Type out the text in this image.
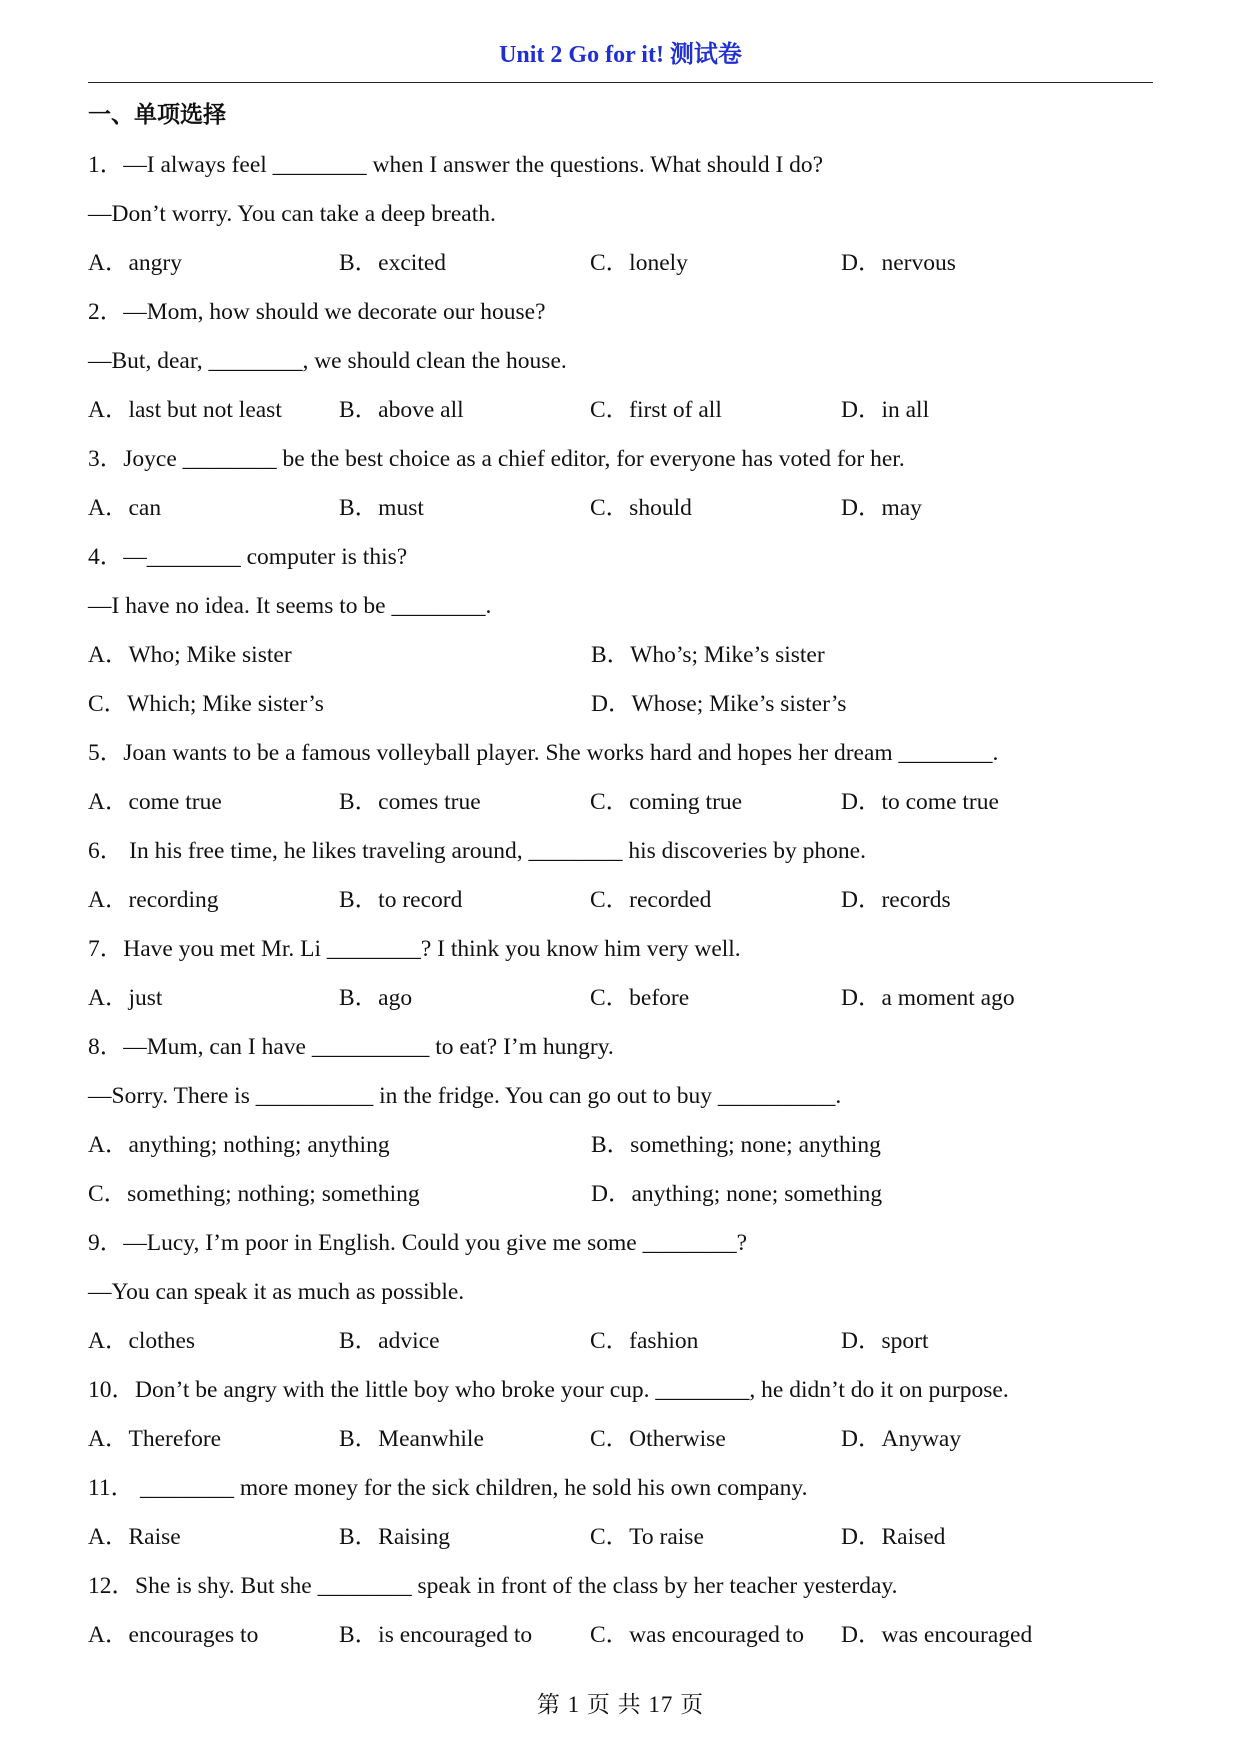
Unit 2 Go for it! 测试卷
一、单项选择
1．—I always feel ________ when I answer the questions. What should I do?
—Don’t worry. You can take a deep breath.
A．angry	B．excited	C．lonely	D．nervous
2．—Mom, how should we decorate our house?
—But, dear, ________, we should clean the house.
A．last but not least	B．above all	C．first of all	D．in all
3．Joyce ________ be the best choice as a chief editor, for everyone has voted for her.
A．can	B．must	C．should	D．may
4．—________ computer is this?
—I have no idea. It seems to be ________.
A．Who; Mike sister	B．Who’s; Mike’s sister
C．Which; Mike sister’s	D．Whose; Mike’s sister’s
5．Joan wants to be a famous volleyball player. She works hard and hopes her dream ________.
A．come true	B．comes true	C．coming true	D．to come true
6． In his free time, he likes traveling around, ________ his discoveries by phone.
A．recording	B．to record	C．recorded	D．records
7．Have you met Mr. Li ________? I think you know him very well.
A．just	B．ago	C．before	D．a moment ago
8．—Mum, can I have __________ to eat? I’m hungry.
—Sorry. There is __________ in the fridge. You can go out to buy __________.
A．anything; nothing; anything	B．something; none; anything
C．something; nothing; something	D．anything; none; something
9．—Lucy, I’m poor in English. Could you give me some ________?
—You can speak it as much as possible.
A．clothes	B．advice	C．fashion	D．sport
10．Don’t be angry with the little boy who broke your cup. ________, he didn’t do it on purpose.
A．Therefore	B．Meanwhile	C．Otherwise	D．Anyway
11． ________ more money for the sick children, he sold his own company.
A．Raise	B．Raising	C．To raise	D．Raised
12．She is shy. But she ________ speak in front of the class by her teacher yesterday.
A．encourages to	B．is encouraged to	C．was encouraged to	D．was encouraged
第 1 页 共 17 页
